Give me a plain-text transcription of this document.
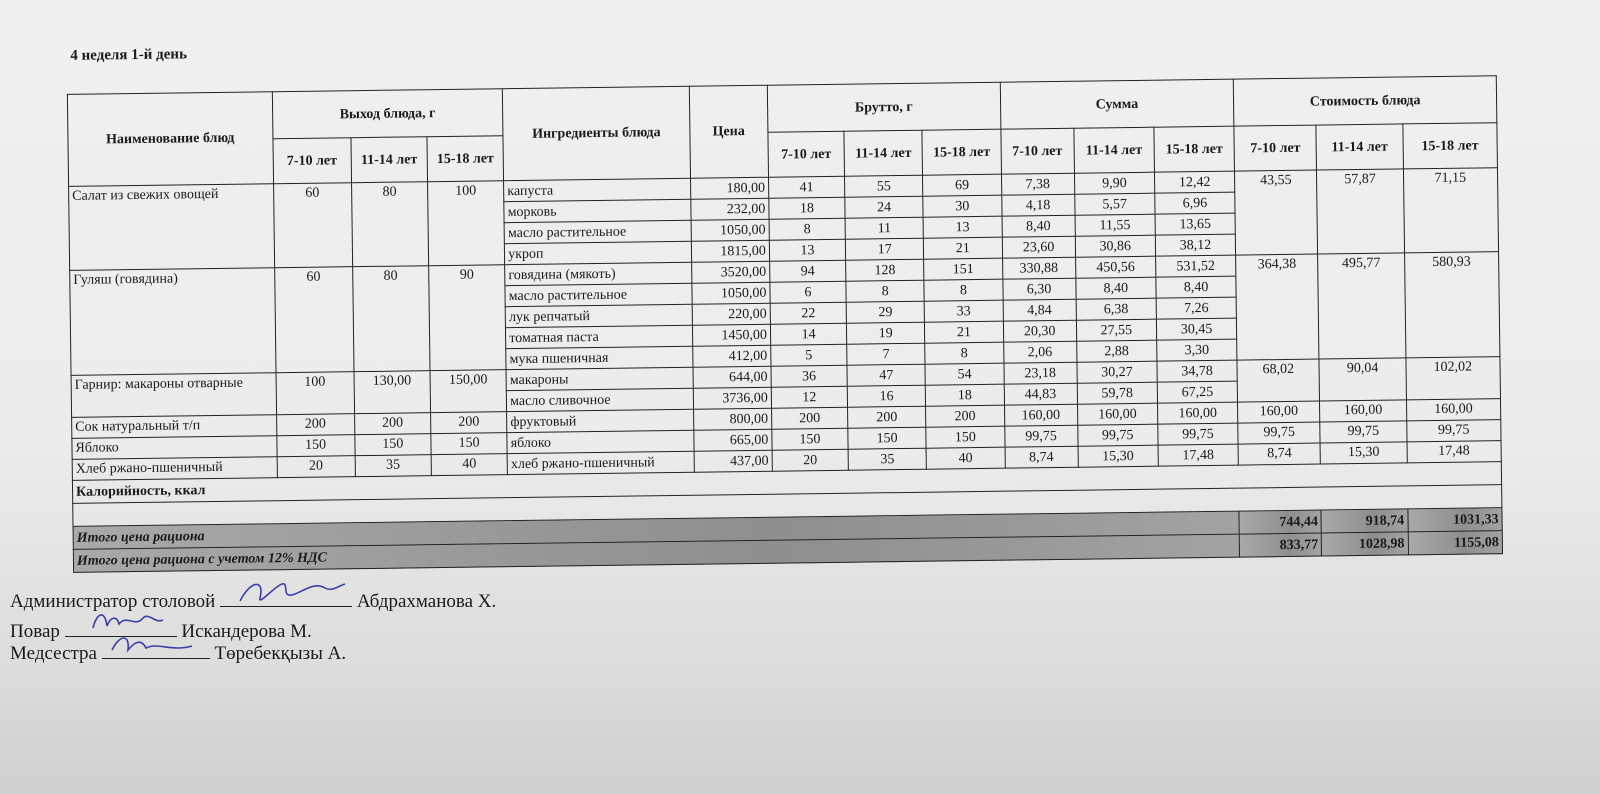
4 неделя 1-й день
Наименование блюд	Выход блюда, г			Ингредиенты блюда	Цена	Брутто, г			Сумма			Стоимость блюда		
	7-10 лет	11-14 лет	15-18 лет			7-10 лет	11-14 лет	15-18 лет	7-10 лет	11-14 лет	15-18 лет	7-10 лет	11-14 лет	15-18 лет
Салат из свежих овощей	60	80	100	капуста	180,00	41	55	69	7,38	9,90	12,42	43,55	57,87	71,15
				морковь	232,00	18	24	30	4,18	5,57	6,96			
				масло растительное	1050,00	8	11	13	8,40	11,55	13,65			
				укроп	1815,00	13	17	21	23,60	30,86	38,12			
Гуляш (говядина)	60	80	90	говядина (мякоть)	3520,00	94	128	151	330,88	450,56	531,52	364,38	495,77	580,93
				масло растительное	1050,00	6	8	8	6,30	8,40	8,40			
				лук репчатый	220,00	22	29	33	4,84	6,38	7,26			
				томатная паста	1450,00	14	19	21	20,30	27,55	30,45			
				мука пшеничная	412,00	5	7	8	2,06	2,88	3,30			
Гарнир: макароны отварные	100	130,00	150,00	макароны	644,00	36	47	54	23,18	30,27	34,78	68,02	90,04	102,02
				масло сливочное	3736,00	12	16	18	44,83	59,78	67,25			
Сок натуральный т/п	200	200	200	фруктовый	800,00	200	200	200	160,00	160,00	160,00	160,00	160,00	160,00
Яблоко	150	150	150	яблоко	665,00	150	150	150	99,75	99,75	99,75	99,75	99,75	99,75
Хлеб ржано-пшеничный	20	35	40	хлеб ржано-пшеничный	437,00	20	35	40	8,74	15,30	17,48	8,74	15,30	17,48
Калорийность, ккал														

Итого цена рациона												744,44	918,74	1031,33
Итого цена рациона с учетом 12% НДС												833,77	1028,98	1155,08
Администратор столовой	Абдрахманова Х.
Повар	Искандерова М.
Медсестра	Төребекқызы А.
